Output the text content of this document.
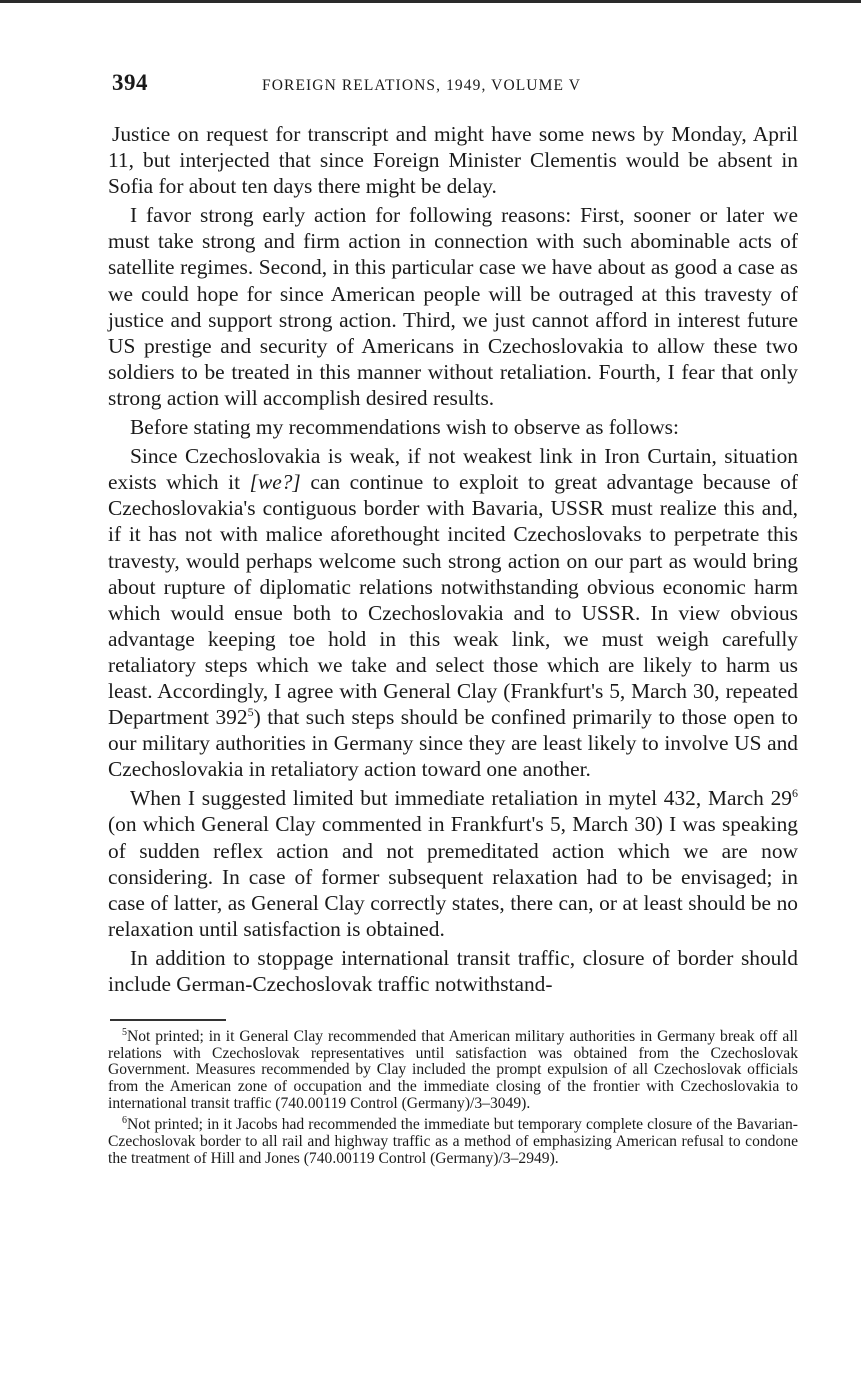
394	FOREIGN RELATIONS, 1949, VOLUME V

Justice on request for transcript and might have some news by Monday, April 11, but interjected that since Foreign Minister Clementis would be absent in Sofia for about ten days there might be delay.

I favor strong early action for following reasons: First, sooner or later we must take strong and firm action in connection with such abominable acts of satellite regimes. Second, in this particular case we have about as good a case as we could hope for since American people will be outraged at this travesty of justice and support strong action. Third, we just cannot afford in interest future US prestige and security of Americans in Czechoslovakia to allow these two soldiers to be treated in this manner without retaliation. Fourth, I fear that only strong action will accomplish desired results.

Before stating my recommendations wish to observe as follows:

Since Czechoslovakia is weak, if not weakest link in Iron Curtain, situation exists which it [we?] can continue to exploit to great advantage because of Czechoslovakia's contiguous border with Bavaria, USSR must realize this and, if it has not with malice aforethought incited Czechoslovaks to perpetrate this travesty, would perhaps welcome such strong action on our part as would bring about rupture of diplomatic relations notwithstanding obvious economic harm which would ensue both to Czechoslovakia and to USSR. In view obvious advantage keeping toe hold in this weak link, we must weigh carefully retaliatory steps which we take and select those which are likely to harm us least. Accordingly, I agree with General Clay (Frankfurt's 5, March 30, repeated Department 392$^5$) that such steps should be confined primarily to those open to our military authorities in Germany since they are least likely to involve US and Czechoslovakia in retaliatory action toward one another.

When I suggested limited but immediate retaliation in mytel 432, March 29$^6$ (on which General Clay commented in Frankfurt's 5, March 30) I was speaking of sudden reflex action and not premeditated action which we are now considering. In case of former subsequent relaxation had to be envisaged; in case of latter, as General Clay correctly states, there can, or at least should be no relaxation until satisfaction is obtained.

In addition to stoppage international transit traffic, closure of border should include German-Czechoslovak traffic notwithstand-

$^5$Not printed; in it General Clay recommended that American military authorities in Germany break off all relations with Czechoslovak representatives until satisfaction was obtained from the Czechoslovak Government. Measures recommended by Clay included the prompt expulsion of all Czechoslovak officials from the American zone of occupation and the immediate closing of the frontier with Czechoslovakia to international transit traffic (740.00119 Control (Germany)/3–3049).

$^6$Not printed; in it Jacobs had recommended the immediate but temporary complete closure of the Bavarian-Czechoslovak border to all rail and highway traffic as a method of emphasizing American refusal to condone the treatment of Hill and Jones (740.00119 Control (Germany)/3–2949).
